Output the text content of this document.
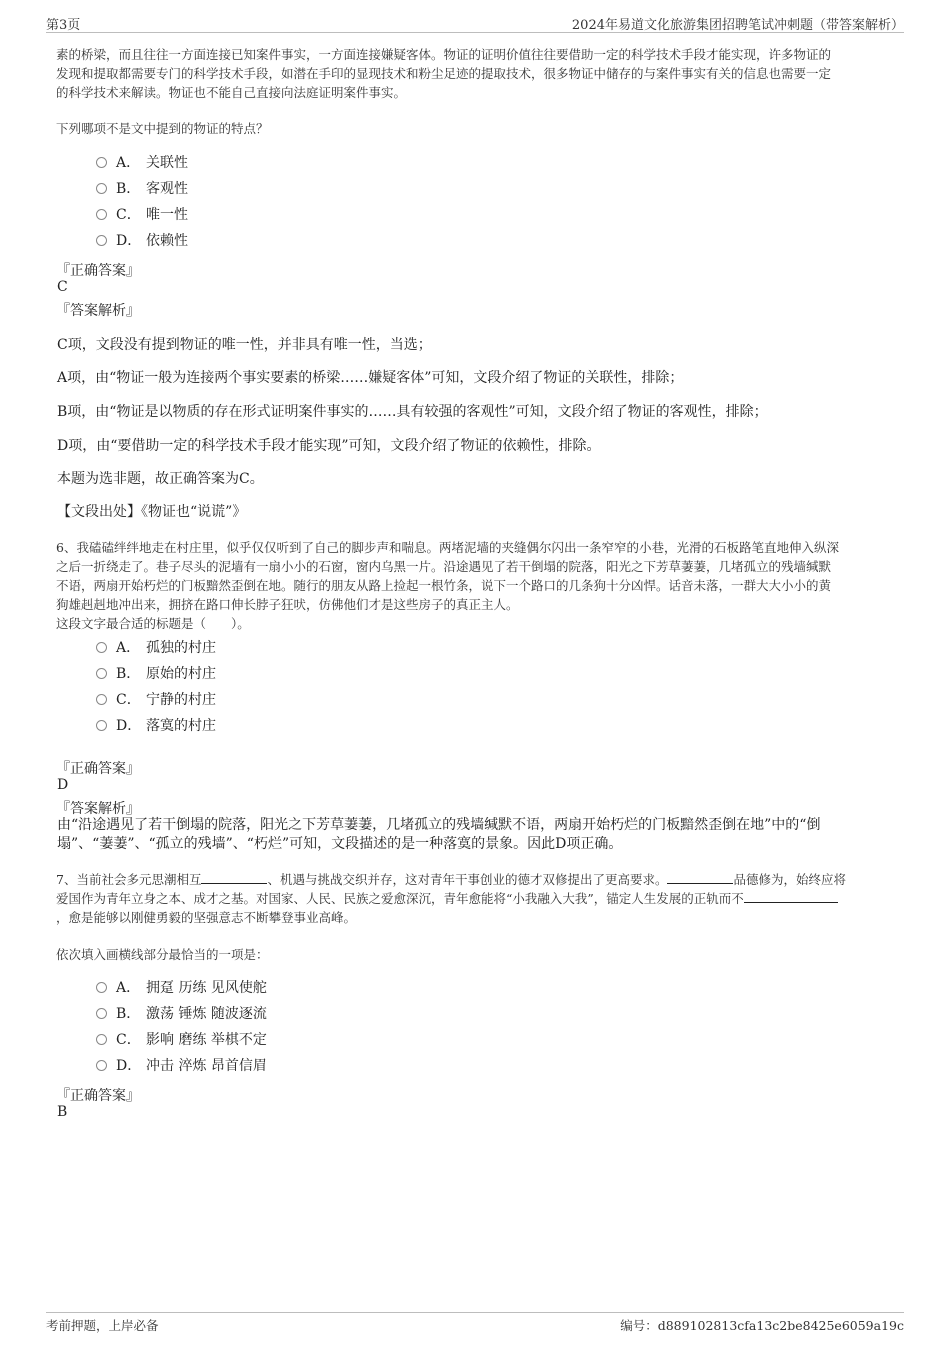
第3页	2024年易道文化旅游集团招聘笔试冲刺题（带答案解析）
素的桥梁，而且往往一方面连接已知案件事实，一方面连接嫌疑客体。物证的证明价值往往要借助一定的科学技术手段才能实现，许多物证的
发现和提取都需要专门的科学技术手段，如潜在手印的显现技术和粉尘足迹的提取技术，很多物证中储存的与案件事实有关的信息也需要一定
的科学技术来解读。物证也不能自己直接向法庭证明案件事实。
下列哪项不是文中提到的物证的特点？
A． 关联性
B． 客观性
C． 唯一性
D． 依赖性
『正确答案』
C
『答案解析』
C项，文段没有提到物证的唯一性，并非具有唯一性，当选；
A项，由“物证一般为连接两个事实要素的桥梁……嫌疑客体”可知，文段介绍了物证的关联性，排除；
B项，由“物证是以物质的存在形式证明案件事实的……具有较强的客观性”可知，文段介绍了物证的客观性，排除；
D项，由“要借助一定的科学技术手段才能实现”可知，文段介绍了物证的依赖性，排除。
本题为选非题，故正确答案为C。
【文段出处】《物证也“说谎”》
6、我磕磕绊绊地走在村庄里，似乎仅仅听到了自己的脚步声和喘息。两堵泥墙的夹缝偶尔闪出一条窄窄的小巷，光滑的石板路笔直地伸入纵深
之后一折绕走了。巷子尽头的泥墙有一扇小小的石窗，窗内乌黑一片。沿途遇见了若干倒塌的院落，阳光之下芳草萋萋，几堵孤立的残墙缄默
不语，两扇开始朽烂的门板黯然歪倒在地。随行的朋友从路上捡起一根竹条，说下一个路口的几条狗十分凶悍。话音未落，一群大大小小的黄
狗雄赳赳地冲出来，拥挤在路口伸长脖子狂吠，仿佛他们才是这些房子的真正主人。
这段文字最合适的标题是（　　）。
A． 孤独的村庄
B． 原始的村庄
C． 宁静的村庄
D． 落寞的村庄
『正确答案』
D
『答案解析』
由“沿途遇见了若干倒塌的院落，阳光之下芳草萋萋，几堵孤立的残墙缄默不语，两扇开始朽烂的门板黯然歪倒在地”中的“倒
塌”、“萋萋”、“孤立的残墙”、“朽烂”可知，文段描述的是一种落寞的景象。因此D项正确。
7、当前社会多元思潮相互	、机遇与挑战交织并存，这对青年干事创业的德才双修提出了更高要求。	品德修为，始终应将
爱国作为青年立身之本、成才之基。对国家、人民、民族之爱愈深沉，青年愈能将“小我融入大我”，锚定人生发展的正轨而不
，愈是能够以刚健勇毅的坚强意志不断攀登事业高峰。
依次填入画横线部分最恰当的一项是：
A． 拥趸 历练 见风使舵
B． 激荡 锤炼 随波逐流
C． 影响 磨练 举棋不定
D． 冲击 淬炼 昂首信眉
『正确答案』
B
考前押题，上岸必备	编号：d889102813cfa13c2be8425e6059a19c
